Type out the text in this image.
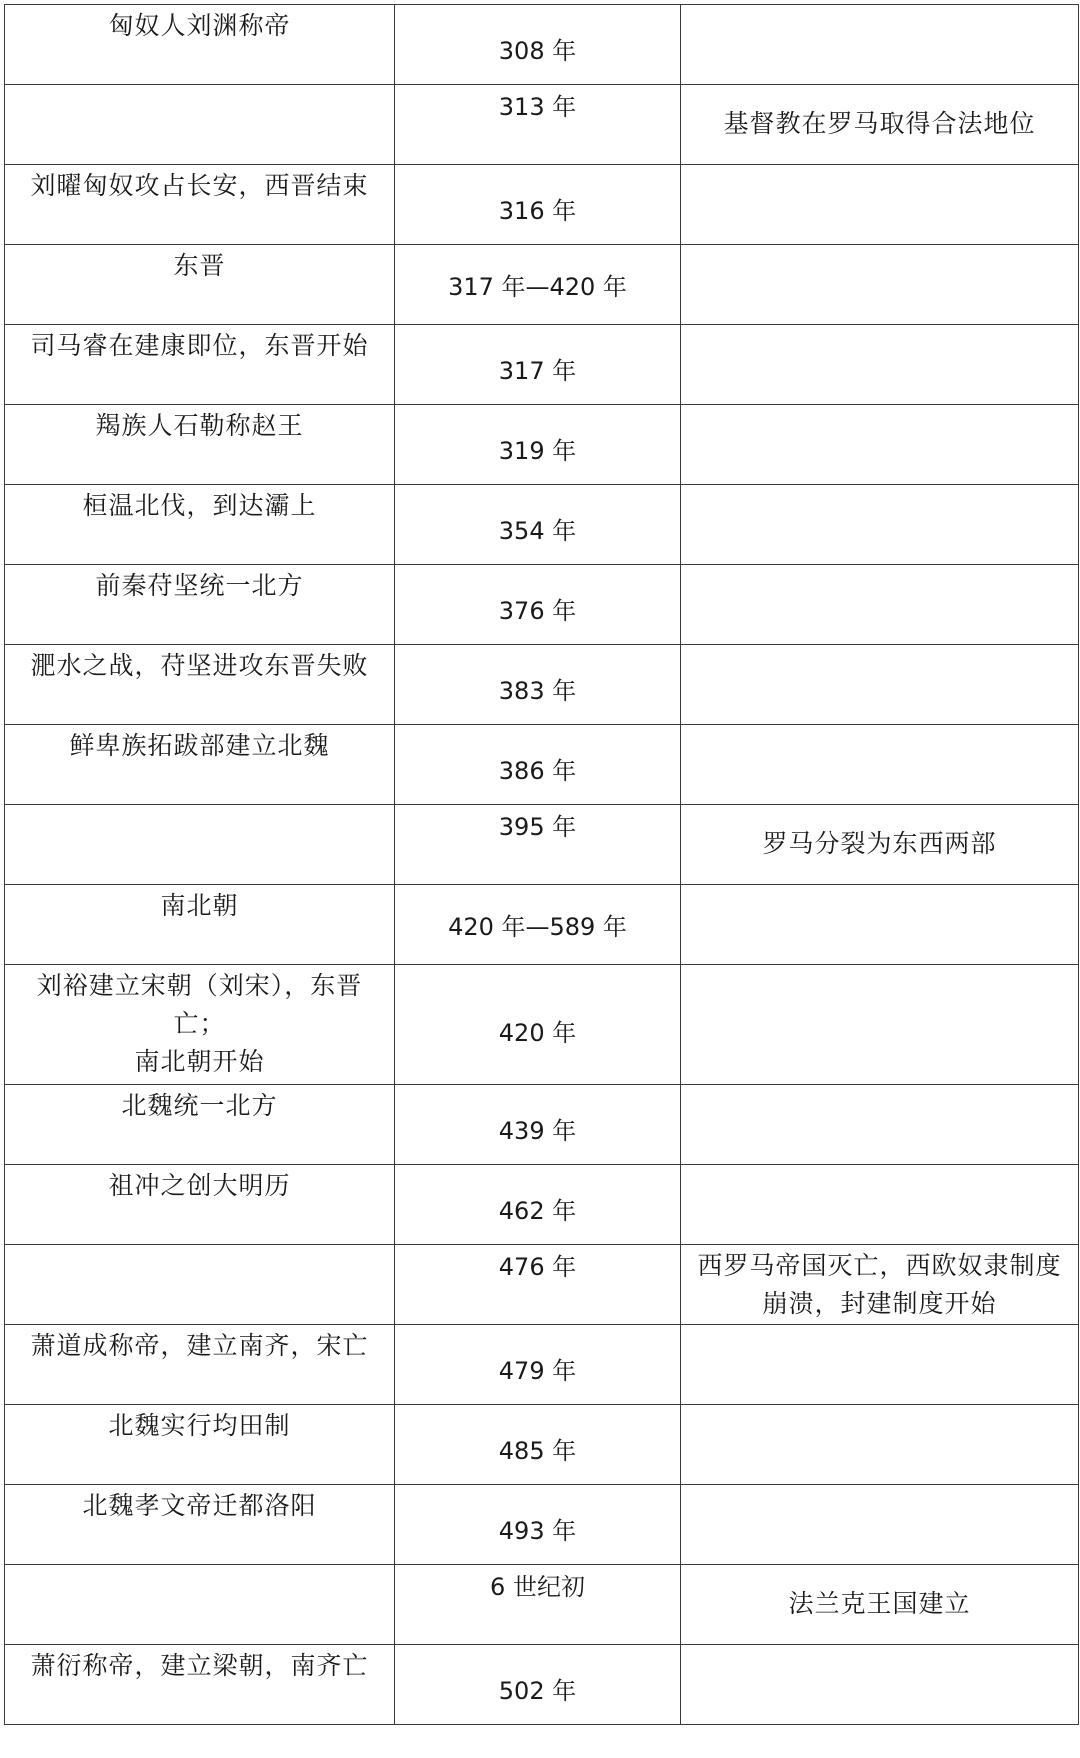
匈奴人刘渊称帝	308 年	

	313 年	基督教在罗马取得合法地位

刘曜匈奴攻占长安，西晋结束	316 年	

东晋	317 年—420 年	

司马睿在建康即位，东晋开始	317 年	

羯族人石勒称赵王	319 年	

桓温北伐，到达灞上	354 年	

前秦苻坚统一北方	376 年	

淝水之战，苻坚进攻东晋失败	383 年	

鲜卑族拓跋部建立北魏	386 年	

	395 年	罗马分裂为东西两部

南北朝	420 年—589 年	

刘裕建立宋朝（刘宋），东晋亡；
南北朝开始	420 年	

北魏统一北方	439 年	

祖冲之创大明历	462 年	

	476 年	西罗马帝国灭亡，西欧奴隶制度
崩溃，封建制度开始

萧道成称帝，建立南齐，宋亡	479 年	

北魏实行均田制	485 年	

北魏孝文帝迁都洛阳	493 年	

	6 世纪初	法兰克王国建立

萧衍称帝，建立梁朝，南齐亡	502 年	
